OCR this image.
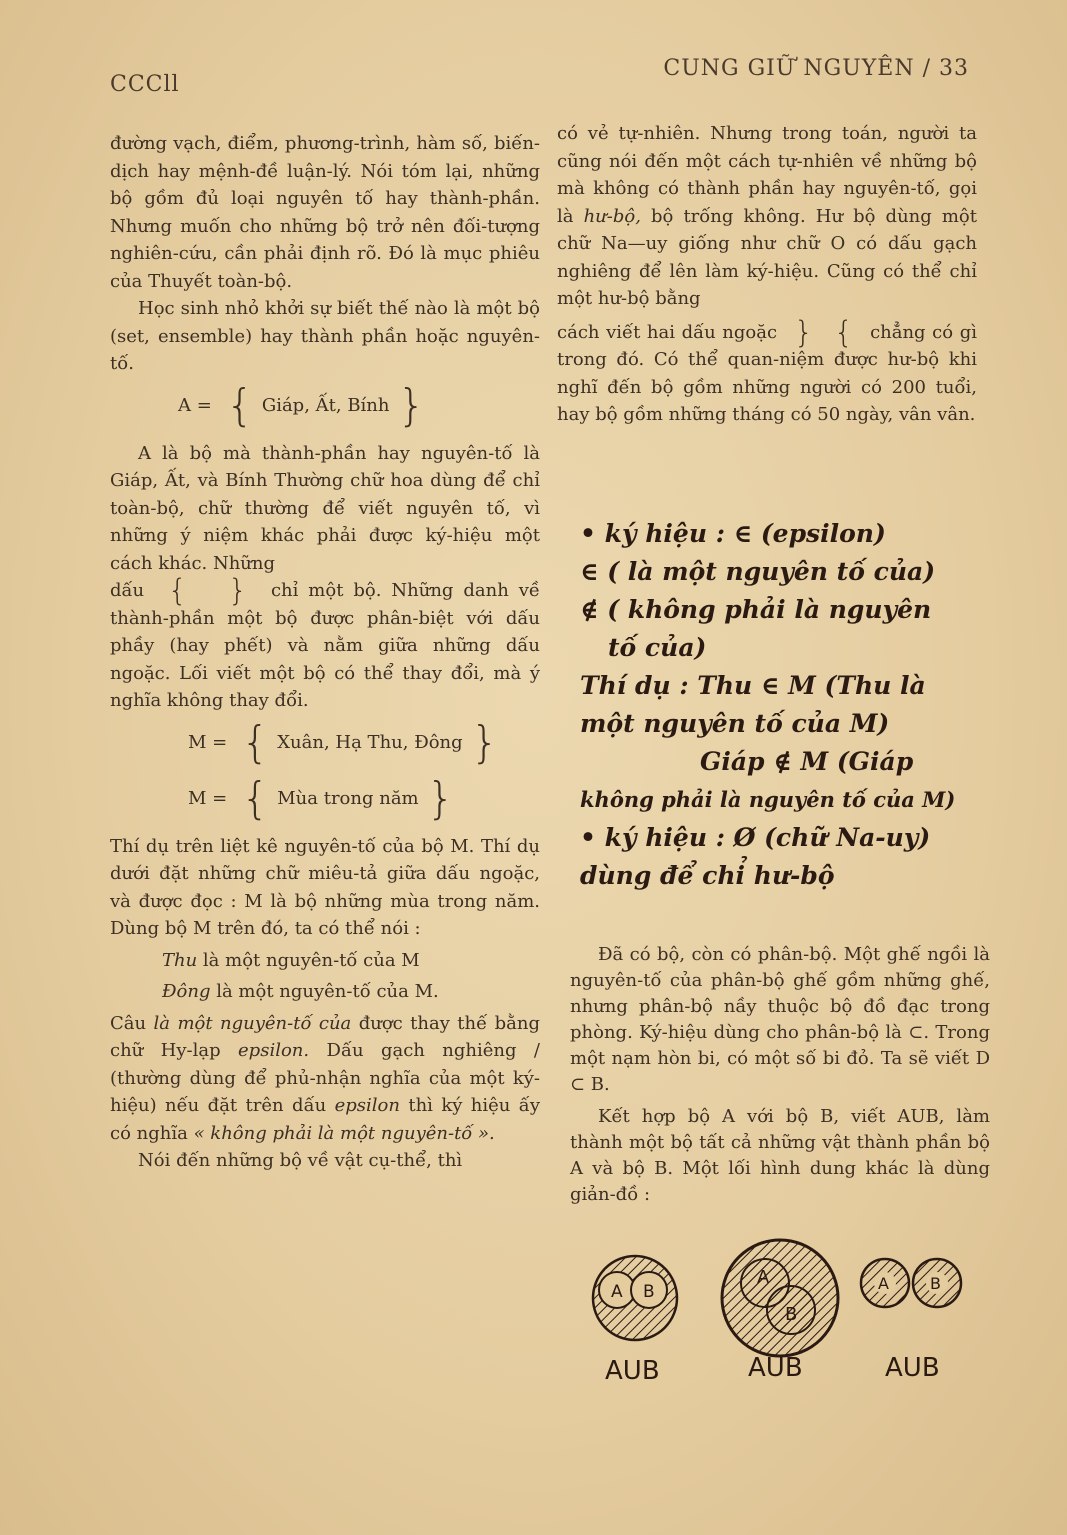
CCCll
CUNG GIỮ NGUYÊN / 33

đường vạch, điểm, phương-trình, hàm số, biến-dịch hay mệnh-đề luận-lý. Nói tóm lại, những bộ gồm đủ loại nguyên tố hay thành-phần. Nhưng muốn cho những bộ trở nên đối-tượng nghiên-cứu, cần phải định rõ. Đó là mục phiêu của Thuyết toàn-bộ.

Học sinh nhỏ khởi sự biết thế nào là một bộ (set, ensemble) hay thành phần hoặc nguyên-tố.

A = { Giáp, Ất, Bính }

A là bộ mà thành-phần hay nguyên-tố là Giáp, Ất, và Bính Thường chữ hoa dùng để chỉ toàn-bộ, chữ thường để viết nguyên tố, vì những ý niệm khác phải được ký-hiệu một cách khác. Những

dấu  {   }  chỉ một bộ. Những danh về thành-phần một bộ được phân-biệt với dấu phầy (hay phết) và nằm giữa những dấu ngoặc. Lối viết một bộ có thể thay đổi, mà ý nghĩa không thay đổi.

M = { Xuân, Hạ Thu, Đông }
M = { Mùa trong năm }

Thí dụ trên liệt kê nguyên-tố của bộ M. Thí dụ dưới đặt những chữ miêu-tả giữa dấu ngoặc, và được đọc : M là bộ những mùa trong năm. Dùng bộ M trên đó, ta có thể nói :

Thu là một nguyên-tố của M

Đông là một nguyên-tố của M.

Câu là một nguyên-tố của được thay thế bằng chữ Hy-lạp epsilon. Dấu gạch nghiêng / (thường dùng để phủ-nhận nghĩa của một ký-hiệu) nếu đặt trên dấu epsilon thì ký hiệu ấy có nghĩa « không phải là một nguyên-tố ».

Nói đến những bộ về vật cụ-thể, thì

có vẻ tự-nhiên. Nhưng trong toán, người ta cũng nói đến một cách tự-nhiên về những bộ mà không có thành phần hay nguyên-tố, gọi là hư-bộ, bộ trống không. Hư bộ dùng một chữ Na—uy giống như chữ O có dấu gạch nghiêng để lên làm ký-hiệu. Cũng có thể chỉ một hư-bộ bằng

cách viết hai dấu ngoặc  }  {  chẳng có gì trong đó. Có thể quan-niệm được hư-bộ khi nghĩ đến bộ gồm những người có 200 tuổi, hay bộ gồm những tháng có 50 ngày, vân vân.

• ký hiệu : ∈ (epsilon)
∈ ( là một nguyên tố của)
∉ ( không phải là nguyên
tố của)
Thí dụ : Thu ∈ M (Thu là
một nguyên tố của M)
Giáp ∉ M (Giáp
không phải là nguyên tố của M)
• ký hiệu : Ø (chữ Na-uy)
dùng để chỉ hư-bộ

Đã có bộ, còn có phân-bộ. Một ghế ngồi là nguyên-tố của phân-bộ ghế gồm những ghế, nhưng phân-bộ nầy thuộc bộ đồ đạc trong phòng. Ký-hiệu dùng cho phân-bộ là ⊂. Trong một nạm hòn bi, có một số bi đỏ. Ta sẽ viết D ⊂ B.

Kết hợp bộ A với bộ B, viết AUB, làm thành một bộ tất cả những vật thành phần bộ A và bộ B. Một lối hình dung khác là dùng giản-đồ :

A B
A
B
A	B
AUB	AUB	AUB
